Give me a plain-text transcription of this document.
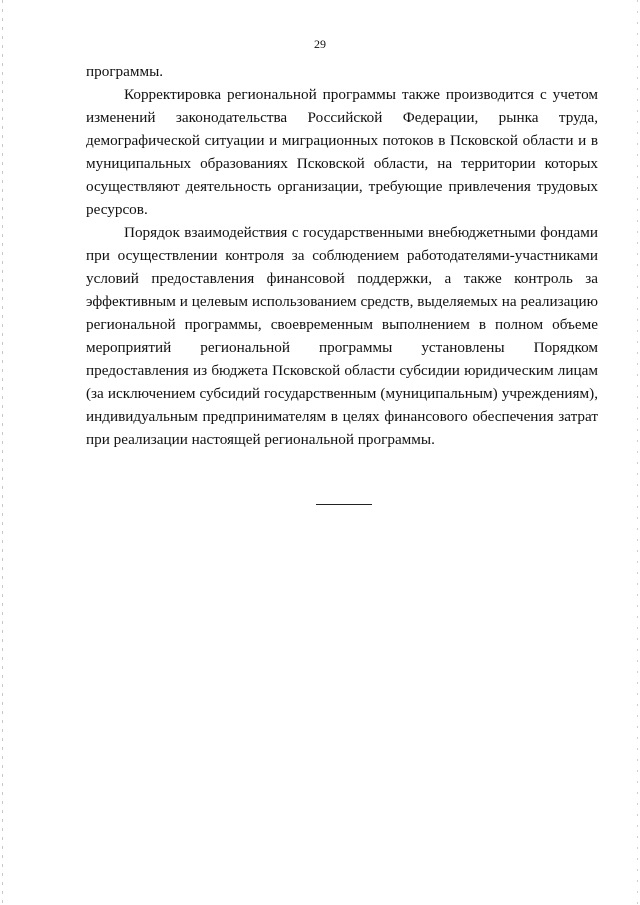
29

программы.

Корректировка региональной программы также производится с учетом изменений законодательства Российской Федерации, рынка труда, демографической ситуации и миграционных потоков в Псковской области и в муниципальных образованиях Псковской области, на территории которых осуществляют деятельность организации, требующие привлечения трудовых ресурсов.

Порядок взаимодействия с государственными внебюджетными фондами при осуществлении контроля за соблюдением работодателями-участниками условий предоставления финансовой поддержки, а также контроль за эффективным и целевым использованием средств, выделяемых на реализацию региональной программы, своевременным выполнением в полном объеме мероприятий региональной программы установлены Порядком предоставления из бюджета Псковской области субсидии юридическим лицам (за исключением субсидий государственным (муниципальным) учреждениям), индивидуальным предпринимателям в целях финансового обеспечения затрат при реализации настоящей региональной программы.
